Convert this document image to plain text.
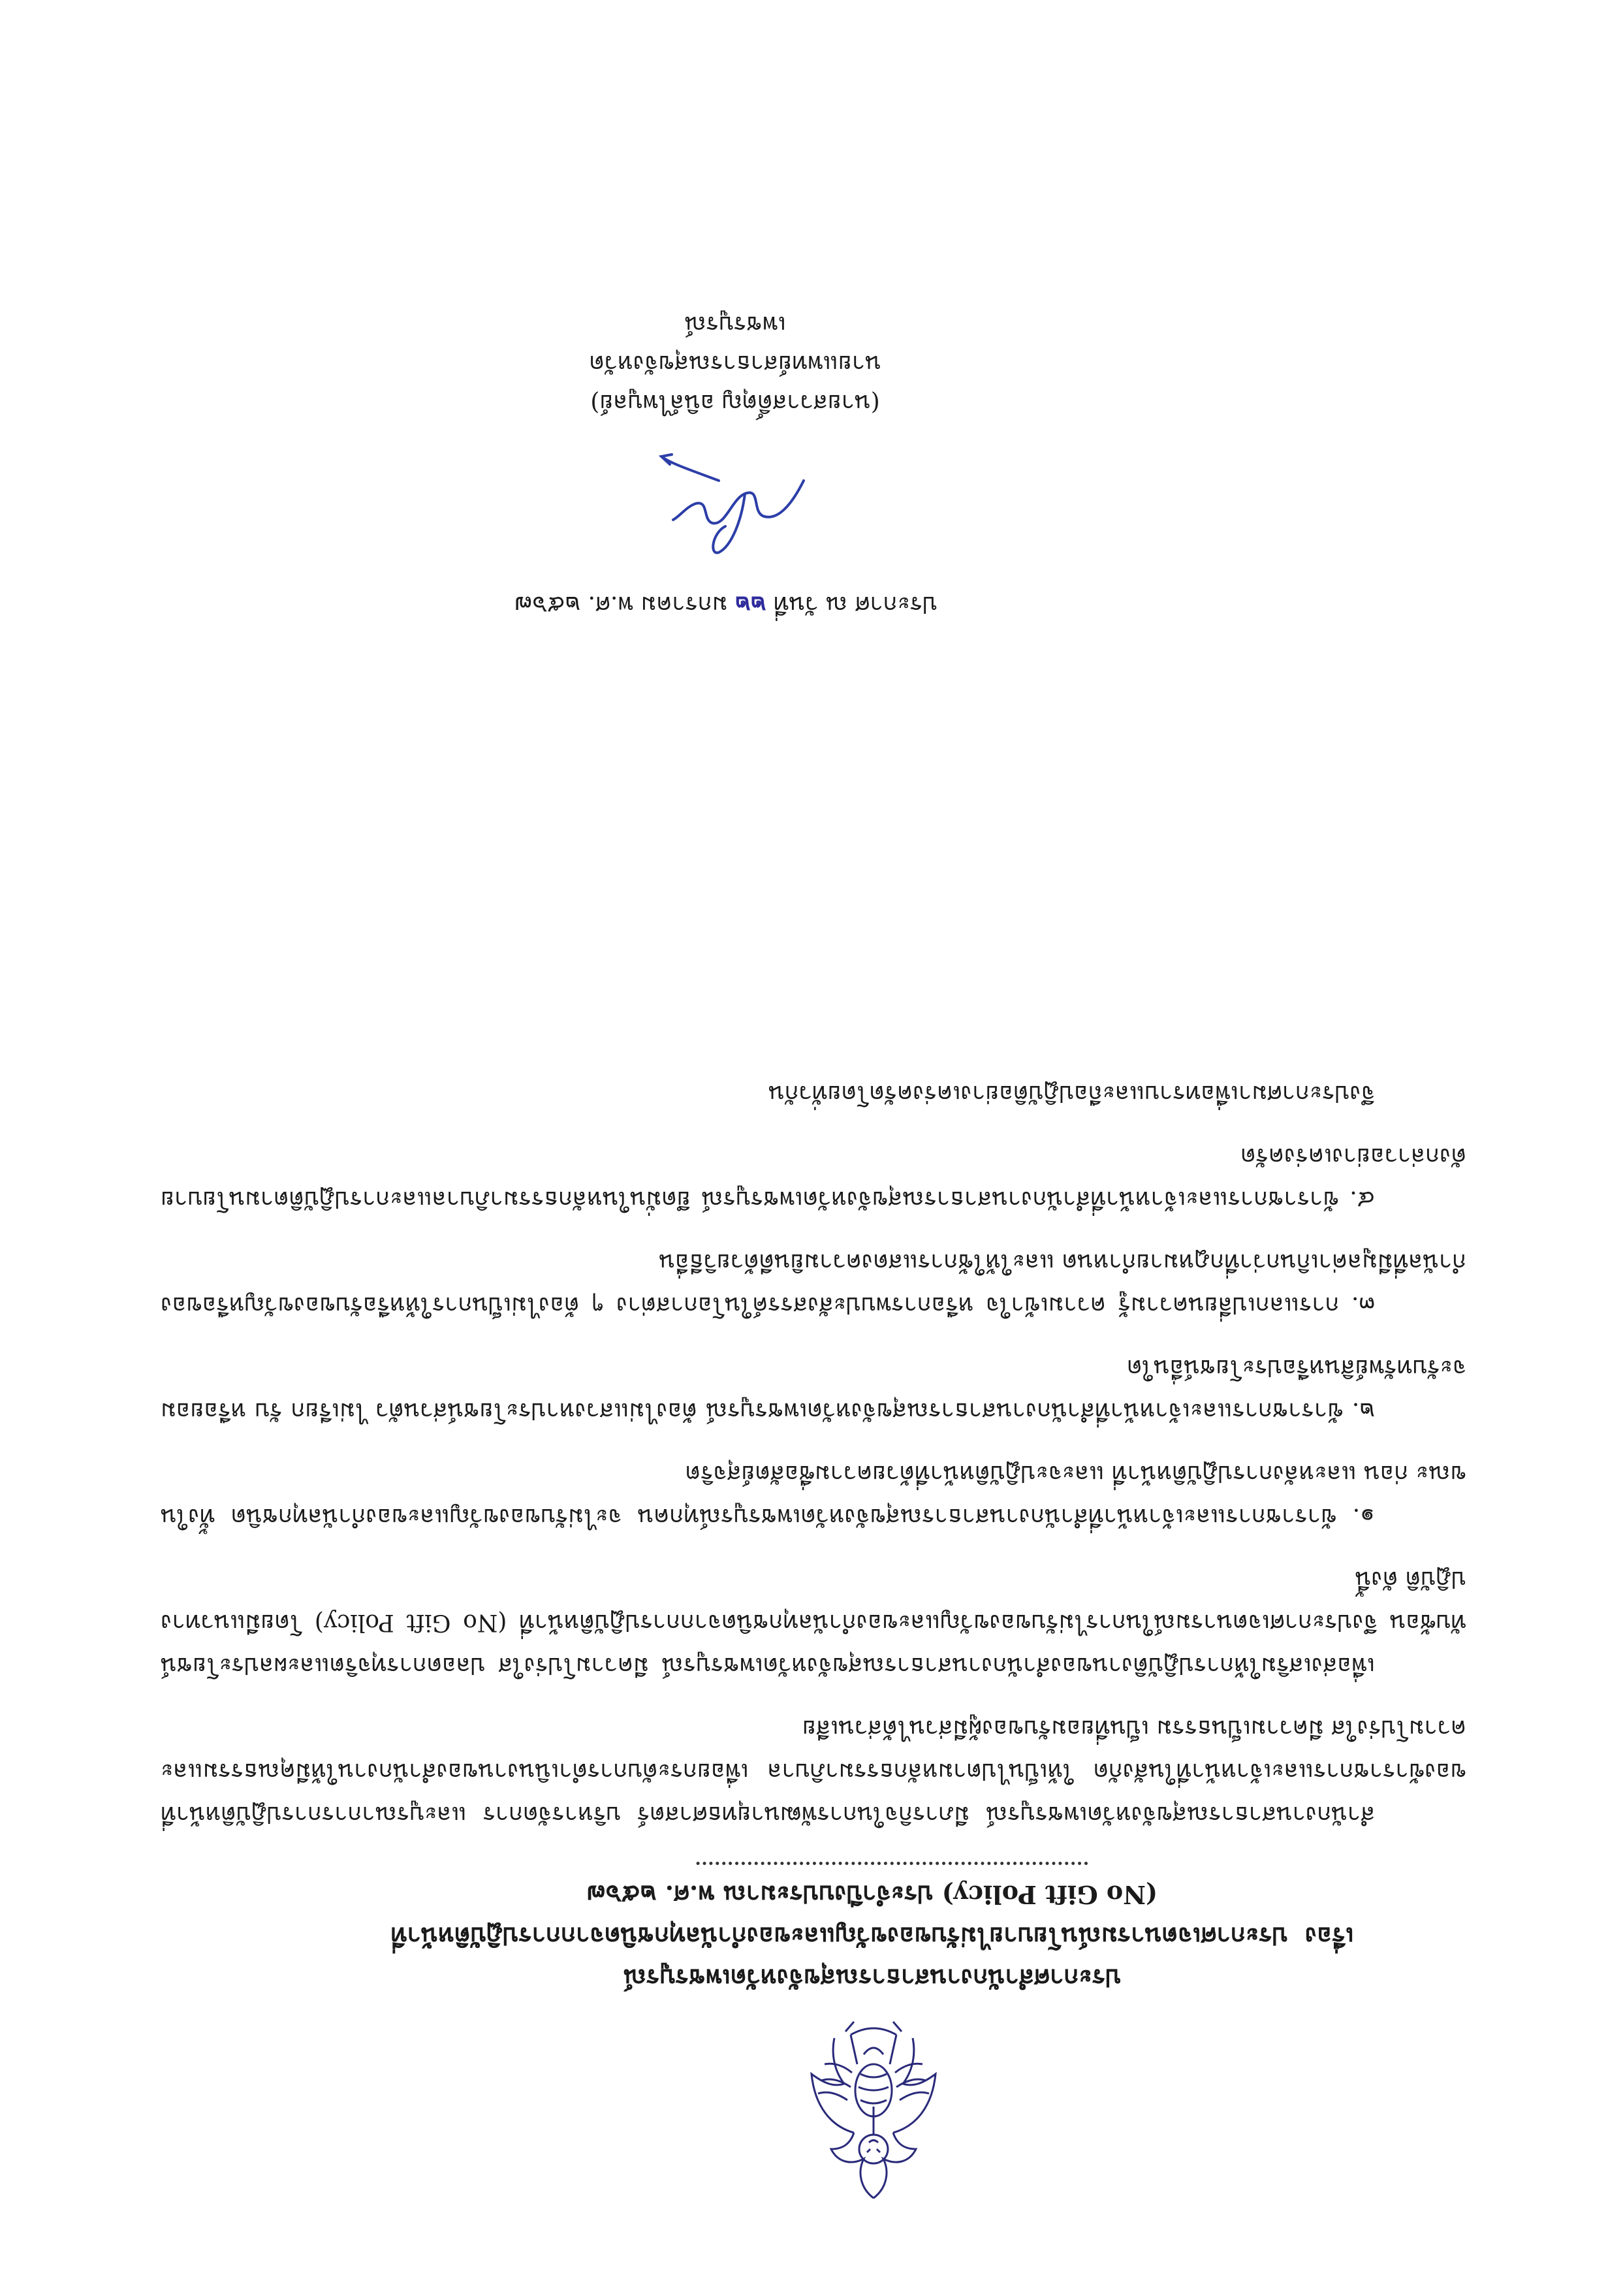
ประกาศสำนักงานสาธารณสุขจังหวัดเพชรบูรณ์
เรื่องประกาศเจตนารมณ์นโยบายไม่รับของขวัญและของกำนัลทุกชนิดจากการปฏิบัติหน้าที่
(No Gift Policy) ประจำปีงบประมาณ พ.ศ. ๒๕๖๗

สำนักงานสาธารณสุขจังหวัดเพชรบูรณ์ มีภารกิจในการพัฒนายุทธศาสตร์ บริหารจัดการ และบูรณาการการปฏิบัติหน้าที่ของข้าราชการและเจ้าหน้าที่ในสังกัด ให้เป็นไปตามหลักธรรมาภิบาล เพื่อยกระดับการดำเนินงานของสำนักงานให้มีคุณธรรมและความโปร่งใส มีความเป็นธรรม เป็นที่ยอมรับของผู้มีส่วนได้ส่วนเสีย

เพื่อส่งเสริมให้การปฏิบัติงานของสำนักงานสาธารณสุขจังหวัดเพชรบูรณ์ มีความโปร่งใส ปลอดการทุจริตและผลประโยชน์ทับซ้อน จึงประกาศเจตนารมณ์ในการไม่รับของขวัญและของกำนัลทุกชนิดจากการปฏิบัติหน้าที่ (No Gift Policy) โดยมีแนวทางปฏิบัติ ดังนี้

๑. ข้าราชการและเจ้าหน้าที่สำนักงานสาธารณสุขจังหวัดเพชรบูรณ์ทุกคน จะไม่รับของขวัญและของกำนัลทุกชนิด ทั้งในขณะ ก่อน และหลังการปฏิบัติหน้าที่ และจะปฏิบัติหน้าที่ด้วยความซื่อสัตย์สุจริต

๒. ข้าราชการและเจ้าหน้าที่สำนักงานสาธารณสุขจังหวัดเพชรบูรณ์ ต้องไม่แสวงหาประโยชน์ส่วนตัว ไม่เรียก รับ หรือยอมจะรับทรัพย์สินหรือประโยชน์อื่นใด

๓. การแลกเปลี่ยนความรู้ ความเข้าใจ หรือการพบปะสังสรรค์ในโอกาสต่าง ๆ ต้องไม่เป็นการให้หรือรับของขวัญหรือของกำนัลที่มีมูลค่าเกินกว่าที่กฎหมายกำหนด และให้ใช้การแสดงความยินดีด้วยวิธีอื่น

๔. ข้าราชการและเจ้าหน้าที่สำนักงานสาธารณสุขจังหวัดเพชรบูรณ์ ยึดมั่นในหลักธรรมาภิบาลและการปฏิบัติตามนโยบายดังกล่าวอย่างเคร่งครัด

จึงประกาศมาเพื่อทราบและถือปฏิบัติอย่างเคร่งครัดโดยทั่วกัน

ประกาศ ณ วันที่ ๒๒ มกราคม พ.ศ. ๒๕๖๗
(นายสวาสดิ์ตุญ อนิล์ไพบูลย์)
นายแพทย์สาธารณสุขจังหวัดเพชรบูรณ์
